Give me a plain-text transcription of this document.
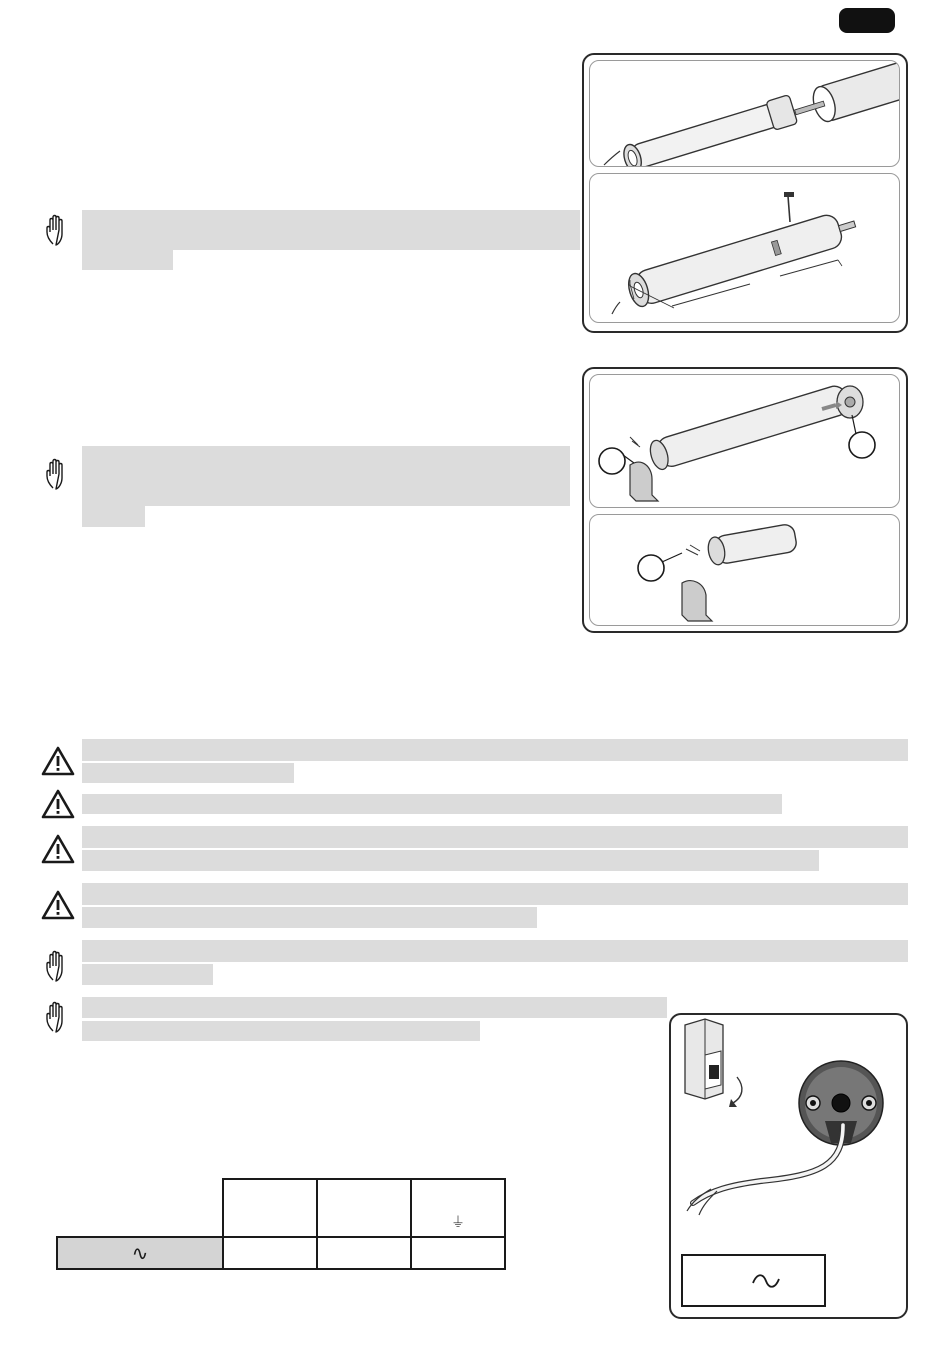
			⏚
∿			
